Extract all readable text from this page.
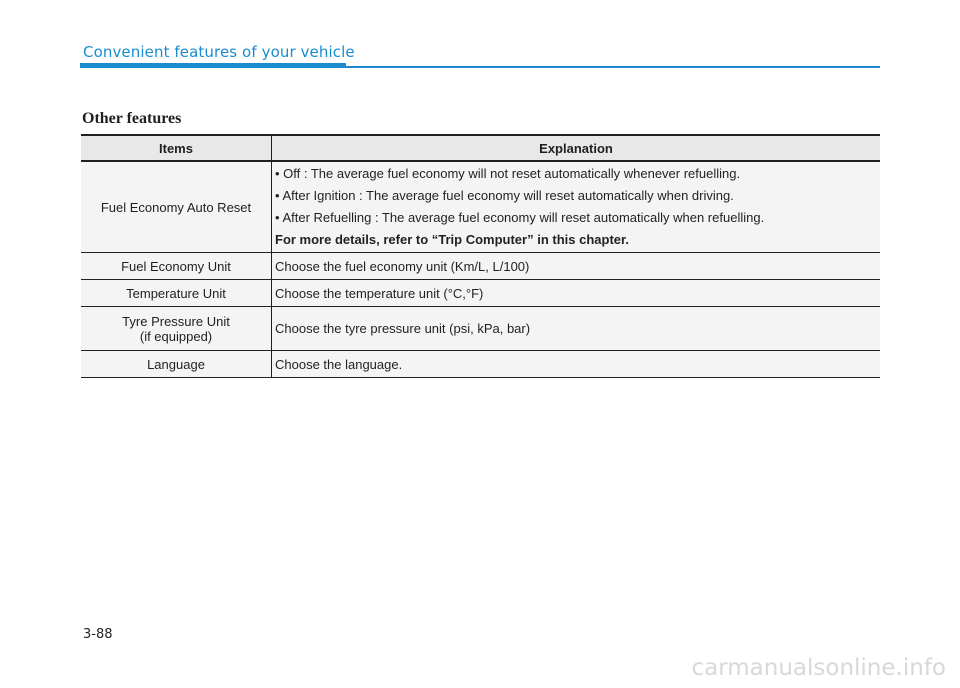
Convenient features of your vehicle
Other features
Items	Explanation
Fuel Economy Auto Reset	• Off : The average fuel economy will not reset automatically whenever refuelling.
• After Ignition : The average fuel economy will reset automatically when driving.
• After Refuelling : The average fuel economy will reset automatically when refuelling.
For more details, refer to “Trip Computer” in this chapter.

Fuel Economy Unit	Choose the fuel economy unit (Km/L, L/100)
Temperature Unit	Choose the temperature unit (°C,°F)

Tyre Pressure Unit
(if equipped)	Choose the tyre pressure unit (psi, kPa, bar)
Language	Choose the language.
3-88
carmanualsonline.info
